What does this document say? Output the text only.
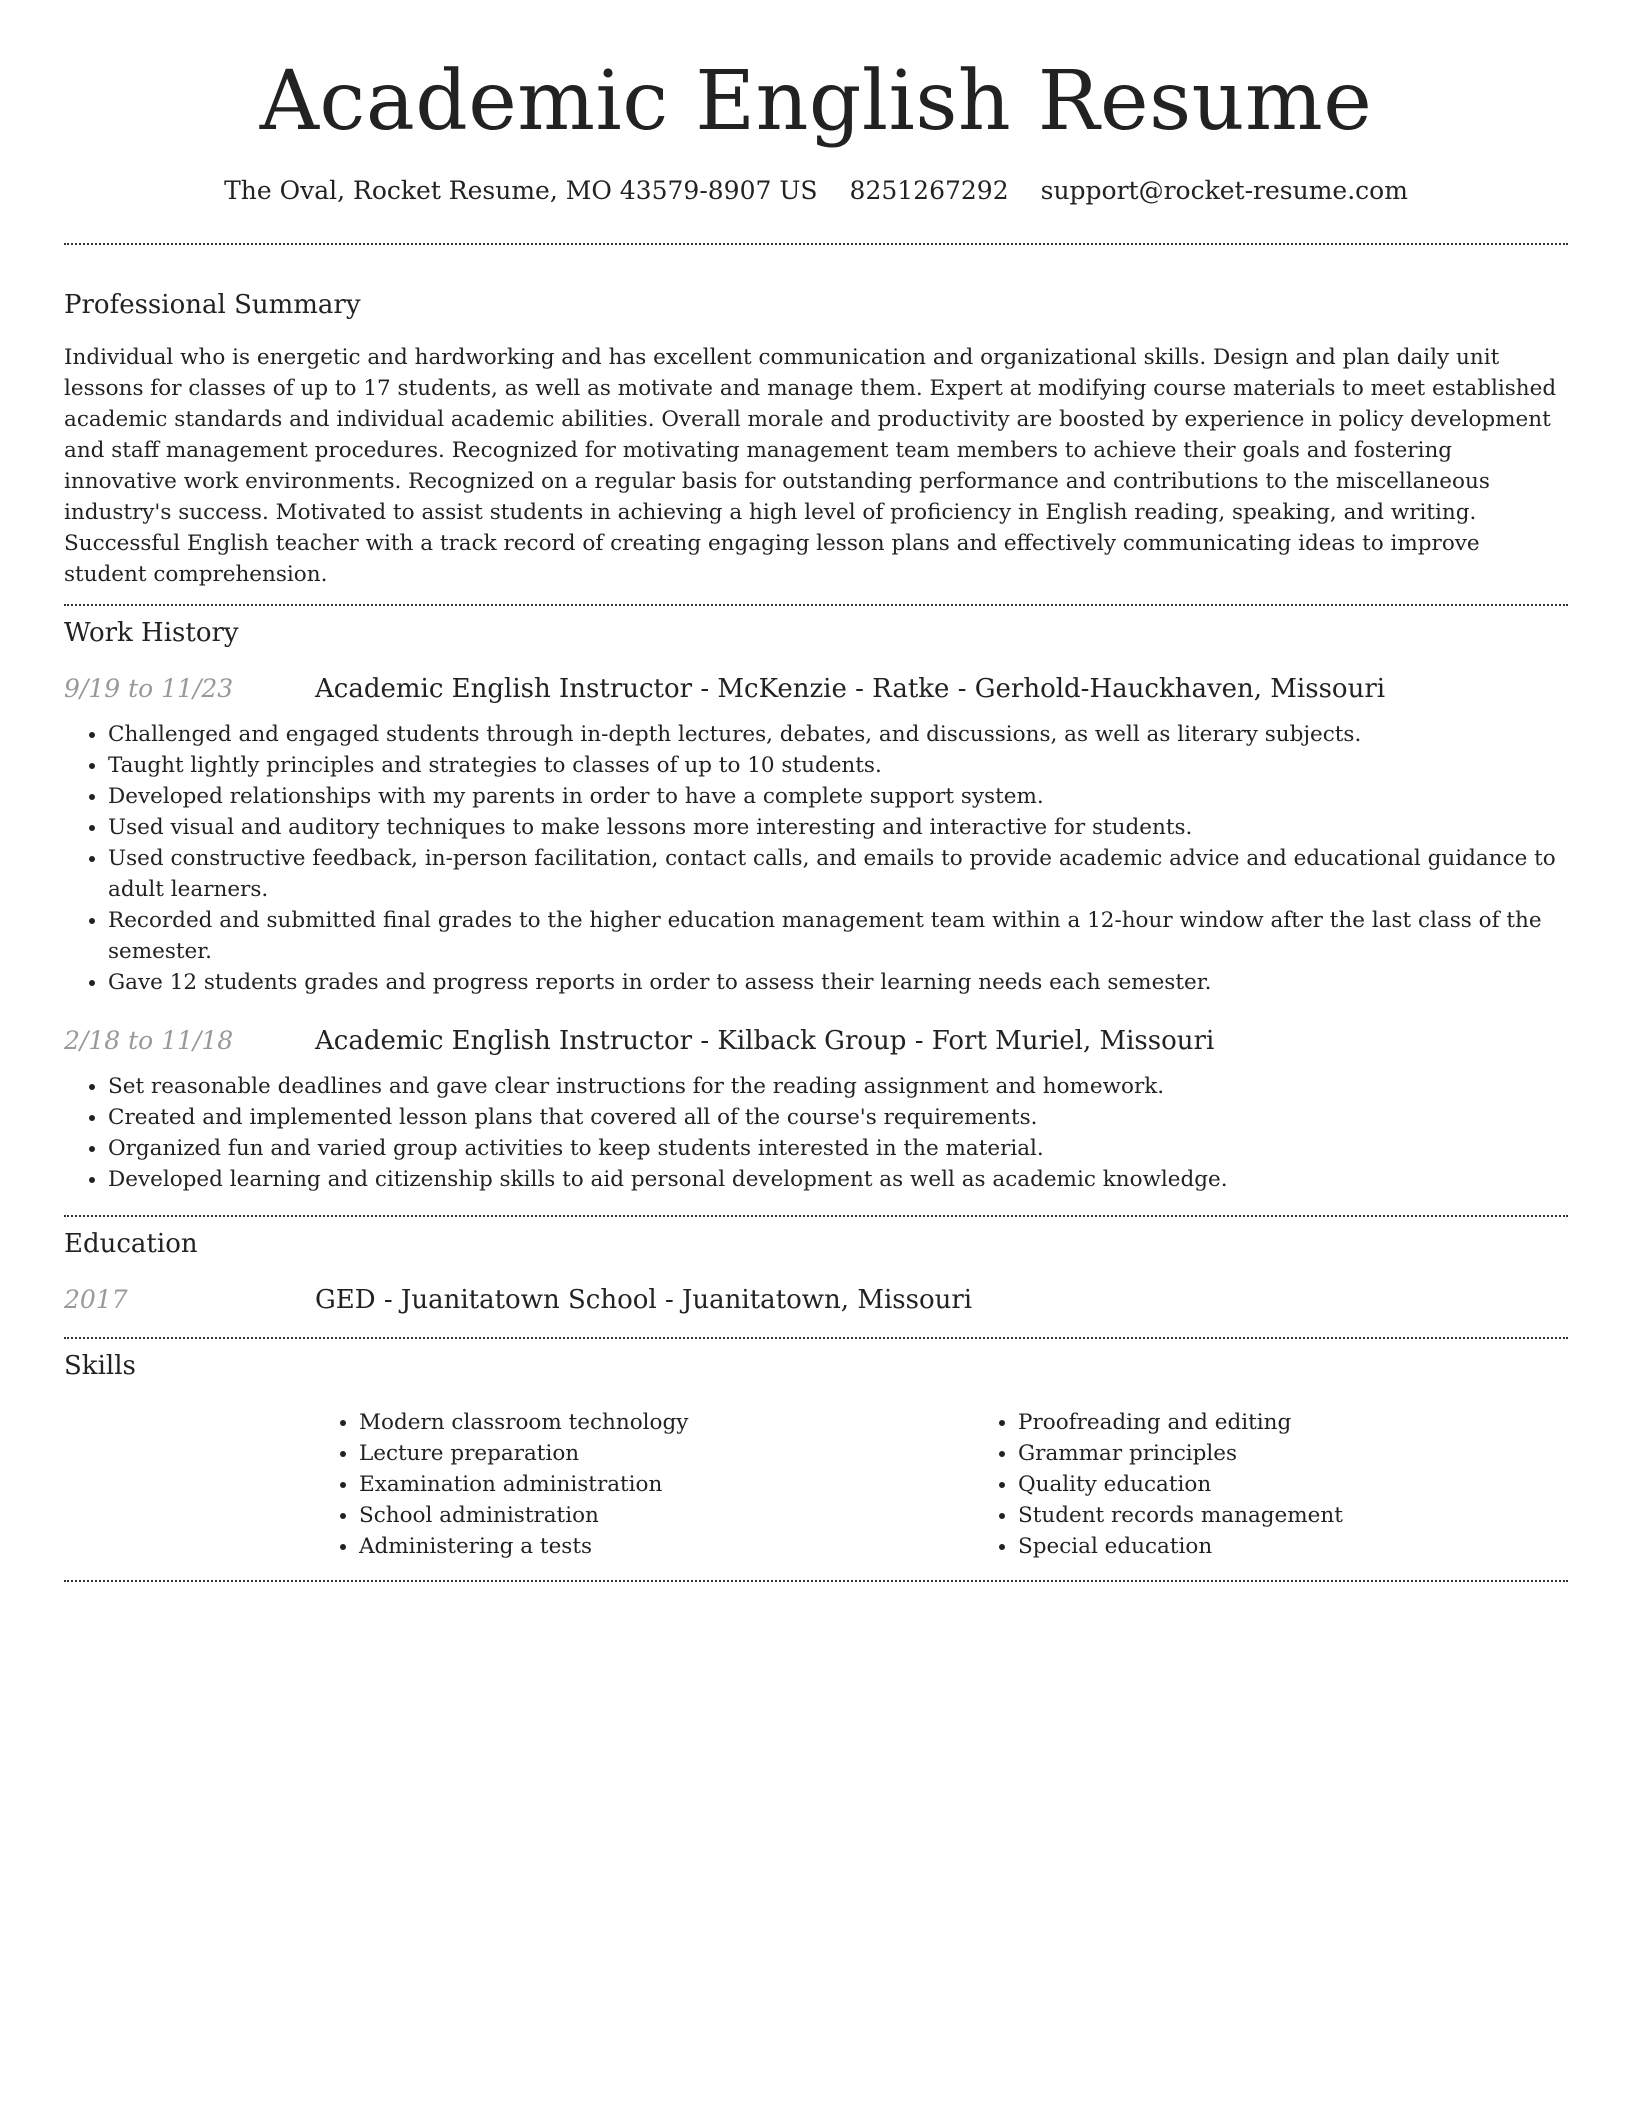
Academic English Resume
The Oval, Rocket Resume, MO 43579-8907 US 8251267292 support@rocket-resume.com
Professional Summary

Individual who is energetic and hardworking and has excellent communication and organizational skills. Design and plan daily unit lessons for classes of up to 17 students, as well as motivate and manage them. Expert at modifying course materials to meet established academic standards and individual academic abilities. Overall morale and productivity are boosted by experience in policy development and staff management procedures. Recognized for motivating management team members to achieve their goals and fostering innovative work environments. Recognized on a regular basis for outstanding performance and contributions to the miscellaneous industry's success. Motivated to assist students in achieving a high level of proficiency in English reading, speaking, and writing. Successful English teacher with a track record of creating engaging lesson plans and effectively communicating ideas to improve student comprehension.

Work History
9/19 to 11/23	Academic English Instructor - McKenzie - Ratke - Gerhold-Hauckhaven, Missouri
• Challenged and engaged students through in-depth lectures, debates, and discussions, as well as literary subjects.
• Taught lightly principles and strategies to classes of up to 10 students.
• Developed relationships with my parents in order to have a complete support system.
• Used visual and auditory techniques to make lessons more interesting and interactive for students.
• Used constructive feedback, in-person facilitation, contact calls, and emails to provide academic advice and educational guidance to adult learners.
• Recorded and submitted final grades to the higher education management team within a 12-hour window after the last class of the semester.
• Gave 12 students grades and progress reports in order to assess their learning needs each semester.
2/18 to 11/18	Academic English Instructor - Kilback Group - Fort Muriel, Missouri
• Set reasonable deadlines and gave clear instructions for the reading assignment and homework.
• Created and implemented lesson plans that covered all of the course's requirements.
• Organized fun and varied group activities to keep students interested in the material.
• Developed learning and citizenship skills to aid personal development as well as academic knowledge.
Education
2017	GED - Juanitatown School - Juanitatown, Missouri
Skills
• Modern classroom technology
• Lecture preparation
• Examination administration
• School administration
• Administering a tests
• Proofreading and editing
• Grammar principles
• Quality education
• Student records management
• Special education
